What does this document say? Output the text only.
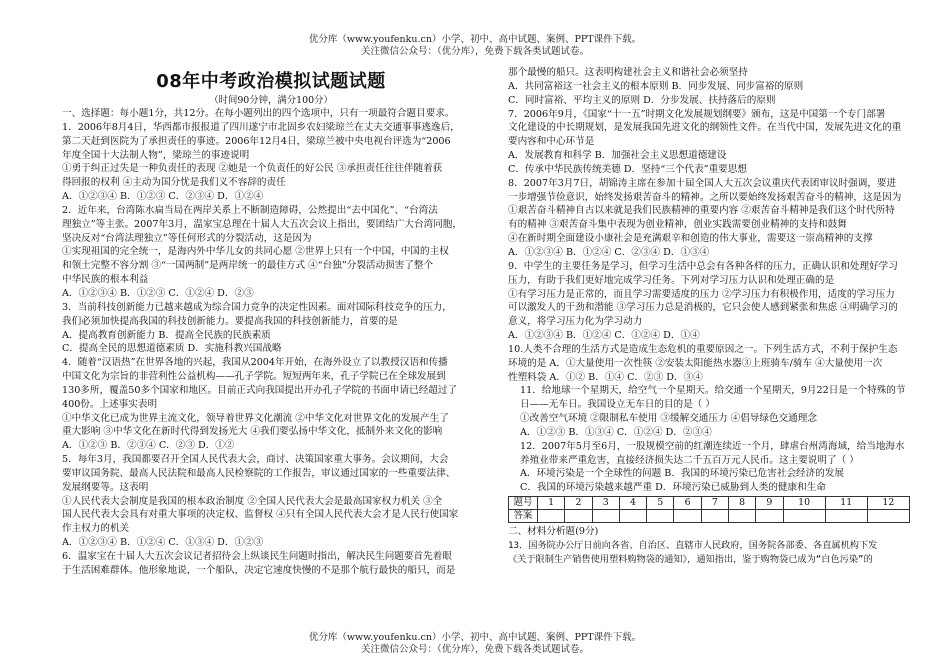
优分库（www.youfenku.cn）小学、初中、高中试题、案例、PPT课件下载。
关注微信公众号：（优分库），免费下载各类试题试卷。
08年中考政治模拟试题试题
（时间90分钟，满分100分）

一、选择题：每小题1分，共12分。在每小题列出的四个选项中，只有一项最符合题目要求。

1．2006年8月4日，华西都市报报道了四川遂宁市北固乡农妇梁琼兰在丈夫交通事事逃逸后，

第二天赶到医院为了承担责任的事迹。2006年12月4日，梁琼兰被中央电视台评选为“2006

年度全国十大法制人物”，梁琼兰的事迹说明

①勇于纠正过失是一种负责任的表现 ②她是一个负责任的好公民 ③承担责任往往伴随着获

得回报的权利 ④主动为国分忧是我们义不容辞的责任

A．①②③④ B．①②③ C．②③④ D．①②④

2．近年来，台湾陈水扁当局在两岸关系上不断制造障碍，公然提出“去中国化”、“台湾法

理独立”等主张。2007年3月，温家宝总理在十届人大五次会议上指出，要团结广大台湾同胞，

坚决反对“台湾法理独立”等任何形式的分裂活动，这是因为

①实现祖国的完全统一，是海内外中华儿女的共同心愿 ②世界上只有一个中国，中国的主权

和领土完整不容分割 ③“一国两制”是两岸统一的最佳方式 ④“台独”分裂活动损害了整个

中华民族的根本利益

A．①②③④ B．①②③ C．①②④ D．②③

3．当前科技创新能力已越来越成为综合国力竞争的决定性因素。面对国际科技竞争的压力，

我们必须加快提高我国的科技创新能力。要提高我国的科技创新能力，首要的是

A．提高教育创新能力 B．提高全民族的民族素质

C．提高全民的思想道德素质 D．实施科教兴国战略

4．随着“汉语热”在世界各地的兴起，我国从2004年开始，在海外设立了以教授汉语和传播

中国文化为宗旨的非营利性公益机构——孔子学院。短短两年来，孔子学院已在全球发展到

130多所，覆盖50多个国家和地区。目前正式向我国提出开办孔子学院的书面申请已经超过了

400份。上述事实表明

①中华文化已成为世界主流文化，领导着世界文化潮流 ②中华文化对世界文化的发展产生了

重大影响 ③中华文化在新时代得到发扬光大 ④我们要弘扬中华文化，抵制外来文化的影响

A．①②③ B．②③④ C．②③ D．①②

5．每年3月，我国都要召开全国人民代表大会，商讨、决策国家重大事务。会议期间，大会

要审议国务院、最高人民法院和最高人民检察院的工作报告，审议通过国家的一些重要法律、

发展纲要等。这表明

①人民代表大会制度是我国的根本政治制度 ②全国人民代表大会是最高国家权力机关 ③全

国人民代表大会具有对重大事项的决定权、监督权 ④只有全国人民代表大会才是人民行使国家

作主权力的机关

A．①②③④ B．①②④ C．①③④ D．①②③

6．温家宝在十届人大五次会议记者招待会上纵谈民生问题时指出，解决民生问题要首先着眼

于生活困难群体。他形象地说，一个船队，决定它速度快慢的不是那个航行最快的船只，而是

那个最慢的船只。这表明构建社会主义和谐社会必须坚持

A．共同富裕这一社会主义的根本原则 B．同步发展、同步富裕的原则

C．同时富裕、平均主义的原则 D．分步发展、扶持落后的原则

7．2006年9月，《国家“十一五”时期文化发展规划纲要》颁布，这是中国第一个专门部署

文化建设的中长期规划，是发展我国先进文化的纲领性文件。在当代中国，发展先进文化的重

要内容和中心环节是

A．发展教育和科学 B．加强社会主义思想道德建设

C．传承中华民族传统美德 D．坚持“三个代表”重要思想

8．2007年3月7日，胡锦涛主席在参加十届全国人大五次会议重庆代表团审议时强调，要进

一步增强节俭意识，始终发扬艰苦奋斗的精神。之所以要始终发扬艰苦奋斗的精神，这是因为

①艰苦奋斗精神自古以来就是我们民族精神的重要内容 ②艰苦奋斗精神是我们这个时代所特

有的精神 ③艰苦奋斗集中表现为创业精神，创业实践需要创业精神的支持和鼓舞

④在新时期全面建设小康社会是充满艰辛和创造的伟大事业，需要这一崇高精神的支撑

A．①②③④ B．①②④ C．②③④ D．①③④

9．中学生的主要任务是学习，但学习生活中总会有各种各样的压力，正确认识和处理好学习

压力，有助于我们更好地完成学习任务。下列对学习压力认识和处理正确的是

①有学习压力是正常的，而且学习需要适度的压力 ②学习压力有积极作用，适度的学习压力

可以激发人的干劲和潜能 ③学习压力总是消极的，它只会使人感到紧张和焦虑 ④明确学习的

意义，将学习压力化为学习动力

A．①②③④ B．①②④ C．①②④ D．①④

10.人类不合理的生活方式是造成生态危机的重要原因之一。下列生活方式，不利于保护生态

环境的是 A．①大量使用一次性筷 ②安装太阳能热水器③上班骑车/骑车 ④大量使用一次

性塑料袋 A．①② B．①④ C．②③ D．③④

11．给地球一个星期天，给空气一个星期天。给交通一个星期天，9月22日是一个特殊的节

日——无车日。我国设立无车日的目的是（ ）

①改善空气环境 ②限制私车使用 ③缓解交通压力 ④倡导绿色交通理念

A．①②③ B．①③④ C．①②④ D．②③④

12．2007年5月至6月，一股规模空前的红潮连续近一个月，肆虐台州湾海域，给当地海水

养殖业带来严重危害，直接经济损失达二千五百万元人民币。这主要说明了（ ）

A．环境污染是一个全球性的问题 B．我国的环境污染已危害社会经济的发展

C．我国的环境污染越来越严重 D．环境污染已威胁到人类的健康和生命

题号	1	2	3	4	5	6	7	8	9	10	11	12
答案												

二、材料分析题(9分)

13．国务院办公厅日前向各省、自治区、直辖市人民政府，国务院各部委、各直属机构下发

《关于限制生产销售使用塑料购物袋的通知》，通知指出，鉴于购物袋已成为“白色污染”的

优分库（www.youfenku.cn）小学、初中、高中试题、案例、PPT课件下载。
关注微信公众号：（优分库），免费下载各类试题试卷。
